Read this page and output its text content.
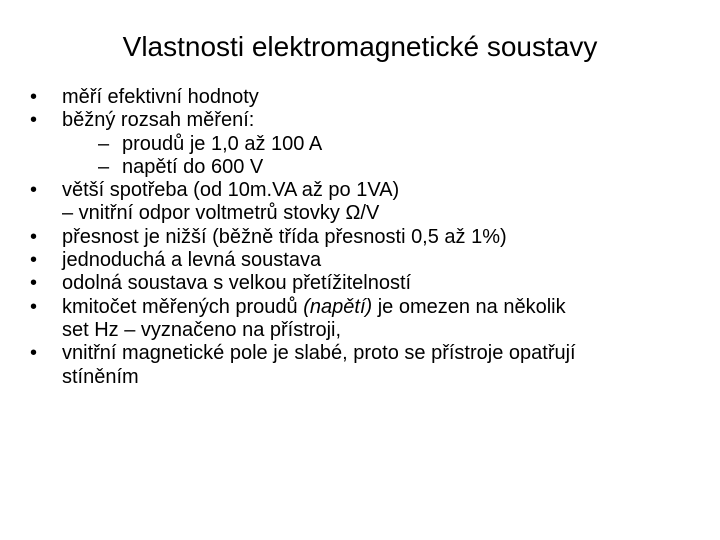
Vlastnosti elektromagnetické soustavy
• měří efektivní hodnoty
• běžný rozsah měření:
– proudů je 1,0 až 100 A
– napětí do 600 V
• větší spotřeba (od 10m.VA až po 1VA)
– vnitřní odpor voltmetrů stovky Ω/V
• přesnost je nižší (běžně třída přesnosti 0,5 až 1%)
• jednoduchá a levná soustava
• odolná soustava s velkou přetížitelností
• kmitočet měřených proudů (napětí) je omezen na několik
set Hz – vyznačeno na přístroji,
• vnitřní magnetické pole je slabé, proto se přístroje opatřují
stíněním
